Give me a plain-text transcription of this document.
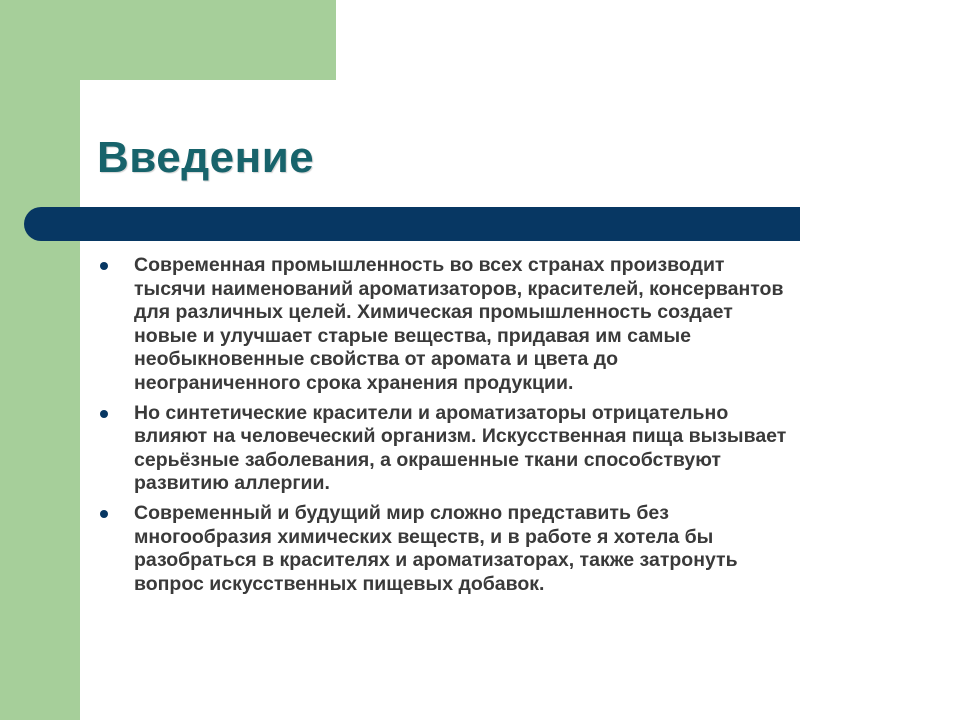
Введение
Современная промышленность во всех странах производит
тысячи наименований ароматизаторов, красителей, консервантов
для различных целей. Химическая промышленность создает
новые и улучшает старые вещества, придавая им самые
необыкновенные свойства от аромата и цвета до
неограниченного срока хранения продукции.
Но синтетические красители и ароматизаторы отрицательно
влияют на человеческий организм. Искусственная пища вызывает
серьёзные заболевания, а окрашенные ткани способствуют
развитию аллергии.
Современный и будущий мир сложно представить без
многообразия химических веществ, и в работе я хотела бы
разобраться в красителях и ароматизаторах, также затронуть
вопрос искусственных пищевых добавок.
